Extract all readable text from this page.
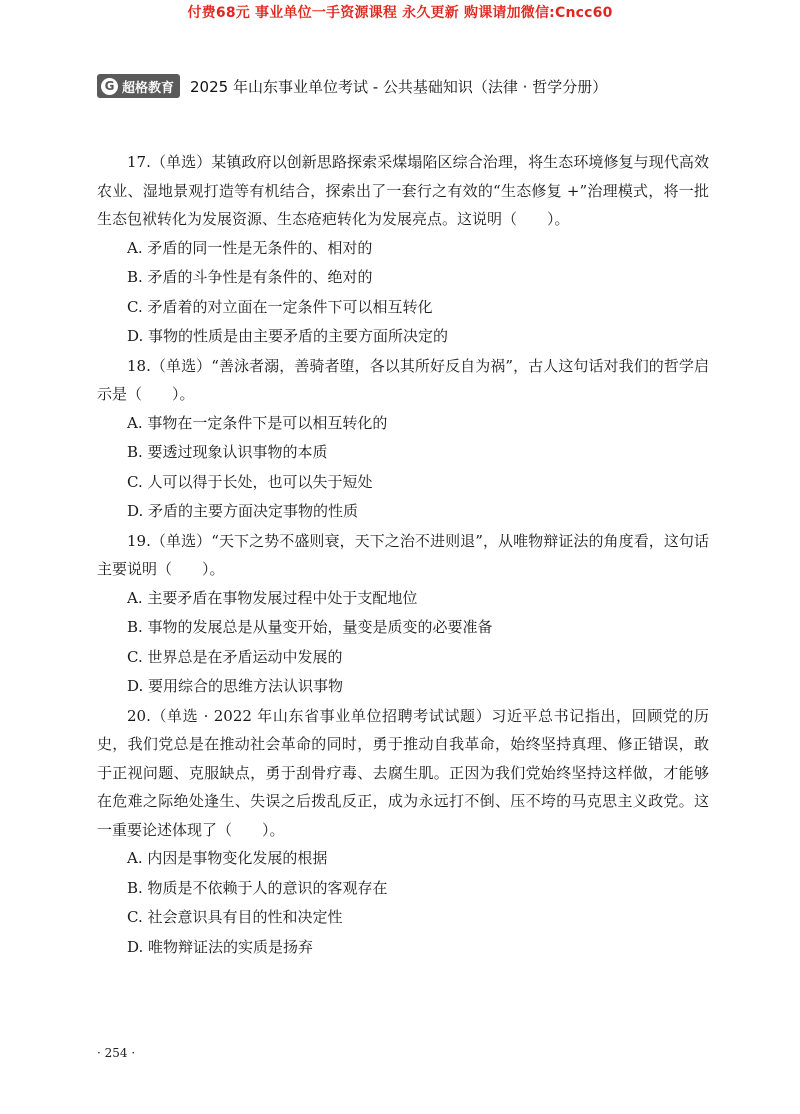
付费68元 事业单位一手资源课程 永久更新 购课请加微信:Cncc60
G 超格教育 2025 年山东事业单位考试 - 公共基础知识（法律 · 哲学分册）

17.（单选）某镇政府以创新思路探索采煤塌陷区综合治理，将生态环境修复与现代高效农业、湿地景观打造等有机结合，探索出了一套行之有效的“生态修复 +”治理模式，将一批生态包袱转化为发展资源、生态疮疤转化为发展亮点。这说明（　　）。

A. 矛盾的同一性是无条件的、相对的

B. 矛盾的斗争性是有条件的、绝对的

C. 矛盾着的对立面在一定条件下可以相互转化

D. 事物的性质是由主要矛盾的主要方面所决定的

18.（单选）“善泳者溺，善骑者堕，各以其所好反自为祸”，古人这句话对我们的哲学启示是（　　）。

A. 事物在一定条件下是可以相互转化的

B. 要透过现象认识事物的本质

C. 人可以得于长处，也可以失于短处

D. 矛盾的主要方面决定事物的性质

19.（单选）“天下之势不盛则衰，天下之治不进则退”，从唯物辩证法的角度看，这句话主要说明（　　）。

A. 主要矛盾在事物发展过程中处于支配地位

B. 事物的发展总是从量变开始，量变是质变的必要准备

C. 世界总是在矛盾运动中发展的

D. 要用综合的思维方法认识事物

20.（单选 · 2022 年山东省事业单位招聘考试试题）习近平总书记指出，回顾党的历史，我们党总是在推动社会革命的同时，勇于推动自我革命，始终坚持真理、修正错误，敢于正视问题、克服缺点，勇于刮骨疗毒、去腐生肌。正因为我们党始终坚持这样做，才能够在危难之际绝处逢生、失误之后拨乱反正，成为永远打不倒、压不垮的马克思主义政党。这一重要论述体现了（　　）。

A. 内因是事物变化发展的根据

B. 物质是不依赖于人的意识的客观存在

C. 社会意识具有目的性和决定性

D. 唯物辩证法的实质是扬弃

· 254 ·
